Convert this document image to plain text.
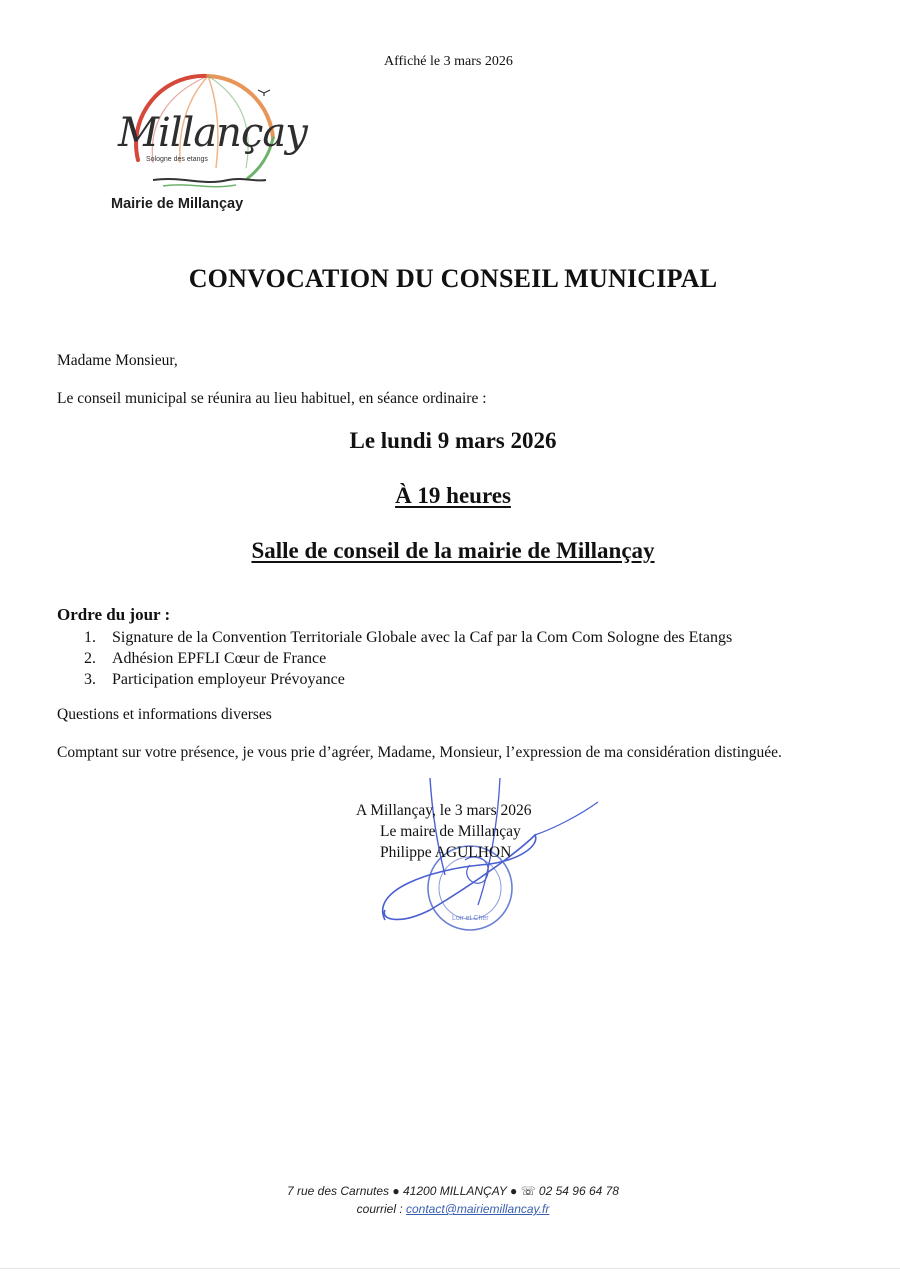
Affiché le 3 mars 2026
Millançay
Sologne des etangs
Mairie de Millançay
CONVOCATION DU CONSEIL MUNICIPAL
Madame Monsieur,
Le conseil municipal se réunira au lieu habituel, en séance ordinaire :
Le lundi 9 mars 2026
À 19 heures
Salle de conseil de la mairie de Millançay
Ordre du jour :
1. Signature de la Convention Territoriale Globale avec la Caf par la Com Com Sologne des Etangs
2. Adhésion EPFLI Cœur de France
3. Participation employeur Prévoyance
Questions et informations diverses
Comptant sur votre présence, je vous prie d’agréer, Madame, Monsieur, l’expression de ma considération distinguée.
Loir et Cher
A Millançay, le 3 mars 2026
Le maire de Millançay
Philippe AGULHON
7 rue des Carnutes ● 41200 MILLANÇAY ● ☏ 02 54 96 64 78
courriel : contact@mairiemillancay.fr
